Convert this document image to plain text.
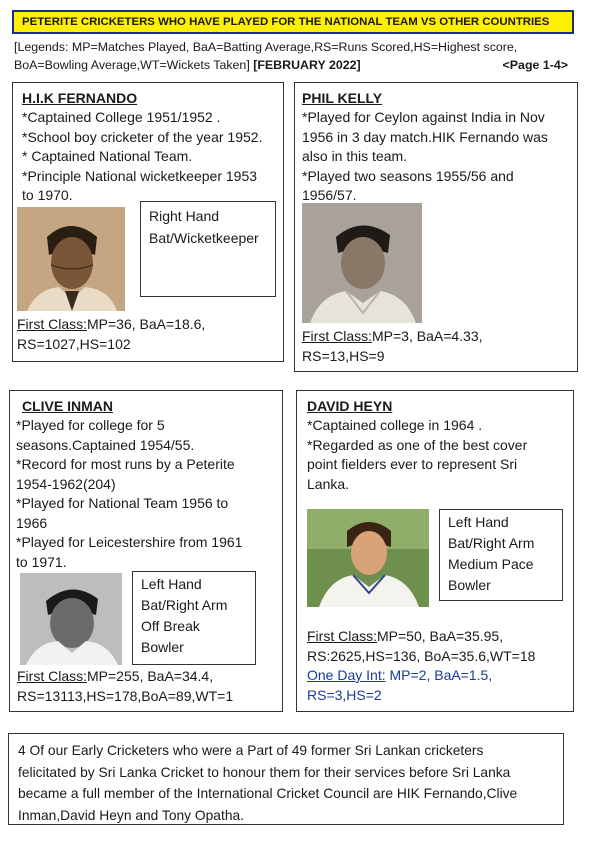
PETERITE CRICKETERS WHO HAVE PLAYED FOR THE NATIONAL TEAM VS OTHER COUNTRIES
[Legends: MP=Matches Played, BaA=Batting Average,RS=Runs Scored,HS=Highest score,
BoA=Bowling Average,WT=Wickets Taken] [FEBRUARY 2022]	<Page 1-4>
H.I.K FERNANDO
*Captained College 1951/1952 .
*School boy cricketer of the year 1952.
* Captained National Team.
*Principle National wicketkeeper 1953
to 1970.
Right Hand
Bat/Wicketkeeper
First Class:MP=36, BaA=18.6,
RS=1027,HS=102
PHIL KELLY
*Played for Ceylon against India in Nov
1956 in 3 day match.HIK Fernando was
also in this team.
*Played two seasons 1955/56 and
1956/57.
First Class:MP=3, BaA=4.33,
RS=13,HS=9
CLIVE INMAN
*Played for college for 5
seasons.Captained 1954/55.
*Record for most runs by a Peterite
1954-1962(204)
*Played for National Team 1956 to
1966
*Played for Leicestershire from 1961
to 1971.
Left Hand
Bat/Right Arm
Off Break
Bowler
First Class:MP=255, BaA=34.4,
RS=13113,HS=178,BoA=89,WT=1
DAVID HEYN
*Captained college in 1964 .
*Regarded as one of the best cover
point fielders ever to represent Sri
Lanka.
Left Hand
Bat/Right Arm
Medium Pace
Bowler
First Class:MP=50, BaA=35.95,
RS:2625,HS=136, BoA=35.6,WT=18
One Day Int: MP=2, BaA=1.5,
RS=3,HS=2
4 Of our Early Cricketers who were a Part of 49 former Sri Lankan cricketers
felicitated by Sri Lanka Cricket to honour them for their services before Sri Lanka
became a full member of the International Cricket Council are HIK Fernando,Clive
Inman,David Heyn and Tony Opatha.
